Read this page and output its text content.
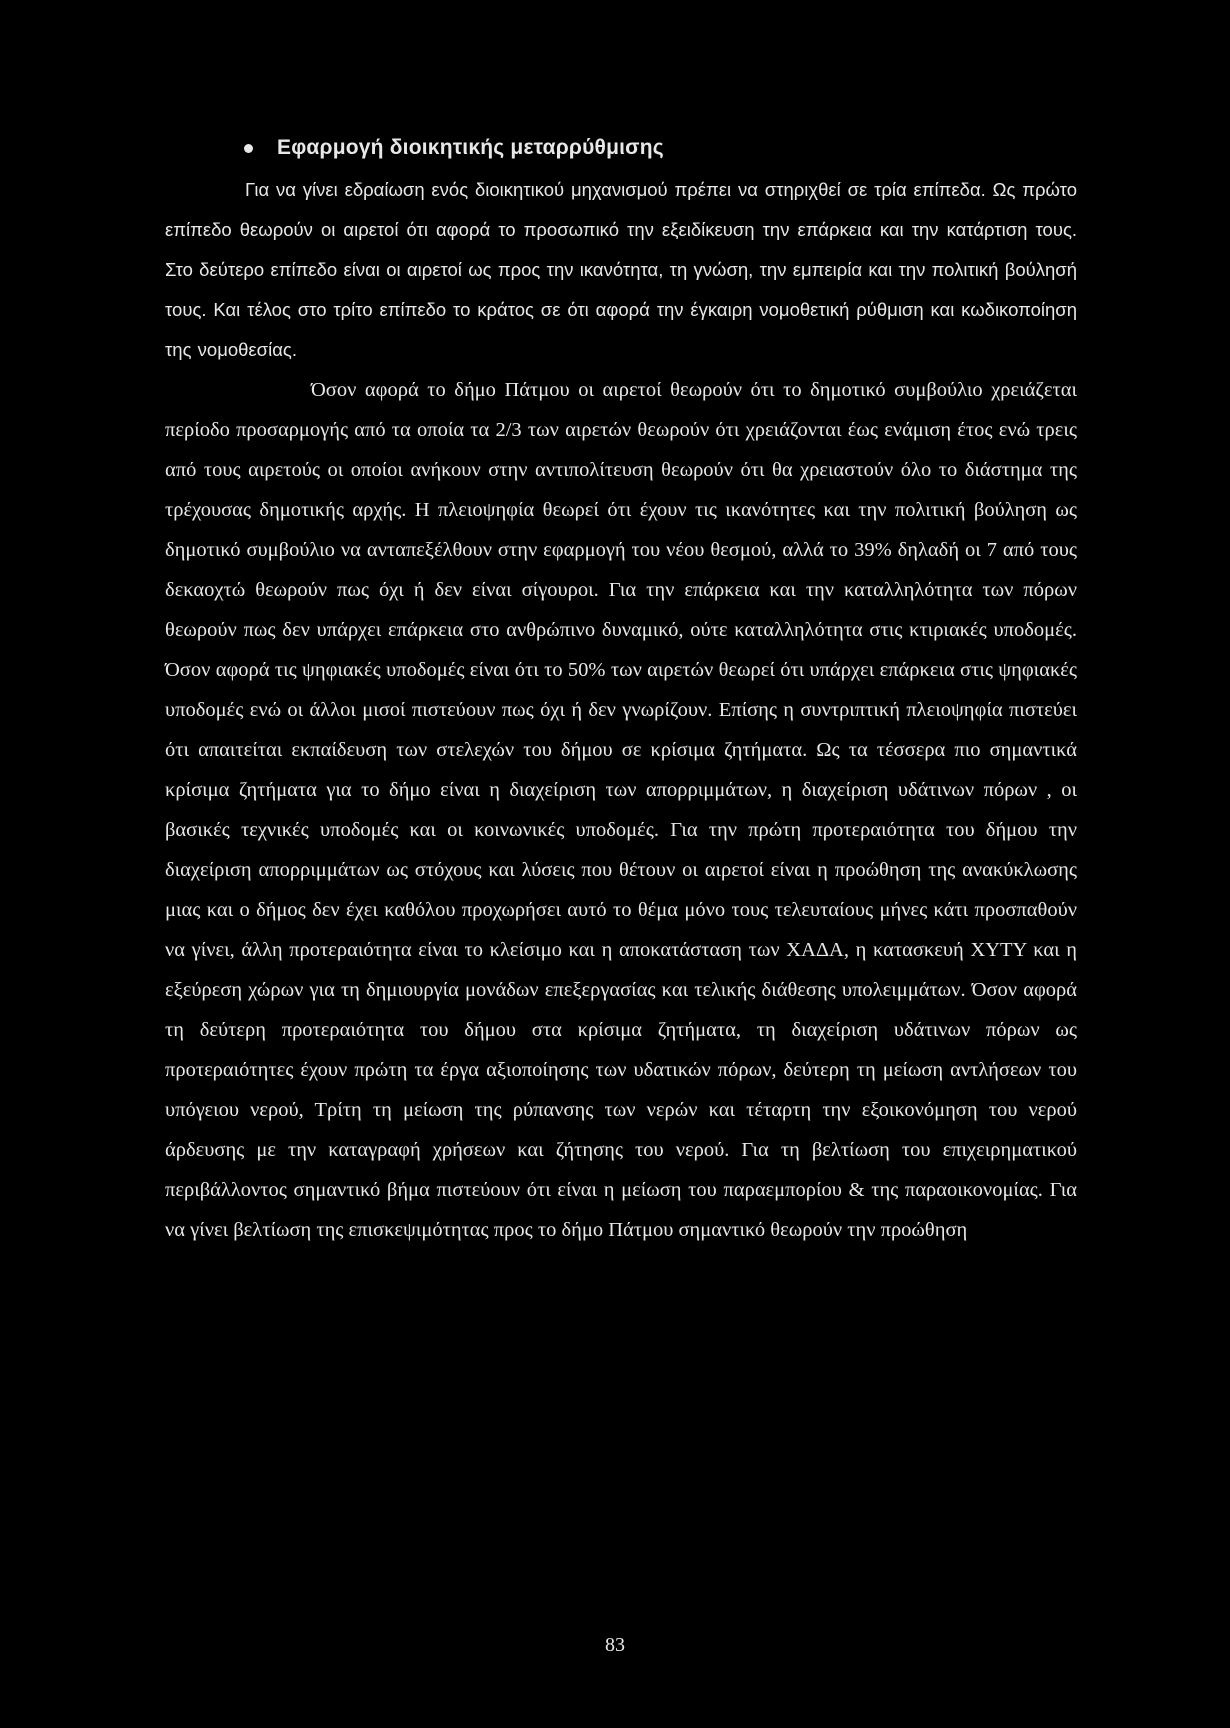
Εφαρμογή διοικητικής μεταρρύθμισης

Για να γίνει εδραίωση ενός διοικητικού μηχανισμού πρέπει να στηριχθεί σε τρία επίπεδα. Ως πρώτο επίπεδο θεωρούν οι αιρετοί ότι αφορά το προσωπικό την εξειδίκευση την επάρκεια και την κατάρτιση τους. Στο δεύτερο επίπεδο είναι οι αιρετοί ως προς την ικανότητα, τη γνώση, την εμπειρία και την πολιτική βούλησή τους. Και τέλος στο τρίτο επίπεδο το κράτος σε ότι αφορά την έγκαιρη νομοθετική ρύθμιση και κωδικοποίηση της νομοθεσίας.

Όσον αφορά το δήμο Πάτμου οι αιρετοί θεωρούν ότι το δημοτικό συμβούλιο χρειάζεται περίοδο προσαρμογής από τα οποία τα 2/3 των αιρετών θεωρούν ότι χρειάζονται έως ενάμιση έτος ενώ τρεις από τους αιρετούς οι οποίοι ανήκουν στην αντιπολίτευση θεωρούν ότι θα χρειαστούν όλο το διάστημα της τρέχουσας δημοτικής αρχής. Η πλειοψηφία θεωρεί ότι έχουν τις ικανότητες και την πολιτική βούληση ως δημοτικό συμβούλιο να ανταπεξέλθουν στην εφαρμογή του νέου θεσμού, αλλά το 39% δηλαδή οι 7 από τους δεκαοχτώ θεωρούν πως όχι ή δεν είναι σίγουροι. Για την επάρκεια και την καταλληλότητα των πόρων θεωρούν πως δεν υπάρχει επάρκεια στο ανθρώπινο δυναμικό, ούτε καταλληλότητα στις κτιριακές υποδομές. Όσον αφορά τις ψηφιακές υποδομές είναι ότι το 50% των αιρετών θεωρεί ότι υπάρχει επάρκεια στις ψηφιακές υποδομές ενώ οι άλλοι μισοί πιστεύουν πως όχι ή δεν γνωρίζουν. Επίσης η συντριπτική πλειοψηφία πιστεύει ότι απαιτείται εκπαίδευση των στελεχών του δήμου σε κρίσιμα ζητήματα. Ως τα τέσσερα πιο σημαντικά κρίσιμα ζητήματα για το δήμο είναι η διαχείριση των απορριμμάτων, η διαχείριση υδάτινων πόρων , οι βασικές τεχνικές υποδομές και οι κοινωνικές υποδομές. Για την πρώτη προτεραιότητα του δήμου την διαχείριση απορριμμάτων ως στόχους και λύσεις που θέτουν οι αιρετοί είναι η προώθηση της ανακύκλωσης μιας και ο δήμος δεν έχει καθόλου προχωρήσει αυτό το θέμα μόνο τους τελευταίους μήνες κάτι προσπαθούν να γίνει, άλλη προτεραιότητα είναι το κλείσιμο και η αποκατάσταση των ΧΑΔΑ, η κατασκευή ΧΥΤΥ και η εξεύρεση χώρων για τη δημιουργία μονάδων επεξεργασίας και τελικής διάθεσης υπολειμμάτων. Όσον αφορά τη δεύτερη προτεραιότητα του δήμου στα κρίσιμα ζητήματα, τη διαχείριση υδάτινων πόρων ως προτεραιότητες έχουν πρώτη τα έργα αξιοποίησης των υδατικών πόρων, δεύτερη τη μείωση αντλήσεων του υπόγειου νερού, Τρίτη τη μείωση της ρύπανσης των νερών και τέταρτη την εξοικονόμηση του νερού άρδευσης με την καταγραφή χρήσεων και ζήτησης του νερού. Για τη βελτίωση του επιχειρηματικού περιβάλλοντος σημαντικό βήμα πιστεύουν ότι είναι η μείωση του παραεμπορίου & της παραοικονομίας. Για να γίνει βελτίωση της επισκεψιμότητας προς το δήμο Πάτμου σημαντικό θεωρούν την προώθηση

83
